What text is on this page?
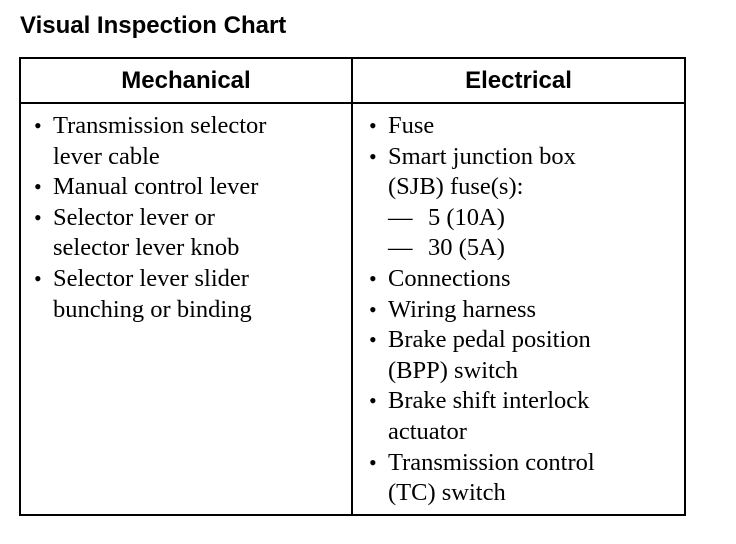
Visual Inspection Chart
Mechanical	Electrical
• Transmission selector
lever cable
• Manual control lever
• Selector lever or
selector lever knob
• Selector lever slider
bunching or binding
• Fuse
• Smart junction box
(SJB) fuse(s):
— 5 (10A)
— 30 (5A)
• Connections
• Wiring harness
• Brake pedal position
(BPP) switch
• Brake shift interlock
actuator
• Transmission control
(TC) switch
